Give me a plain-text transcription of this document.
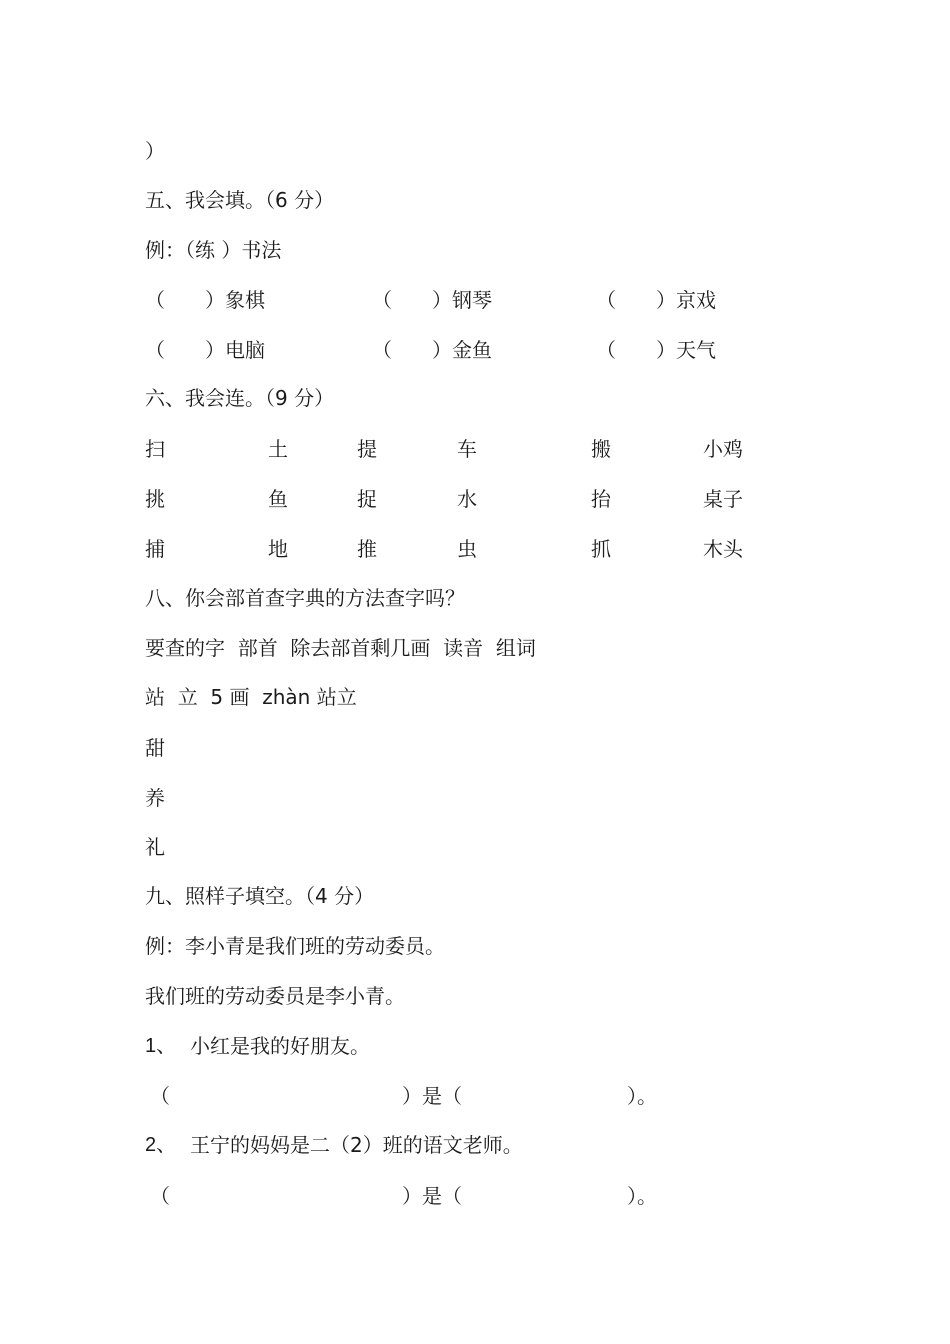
）
五、我会填。（6 分）
例：（练 ）书法
（　　）象棋	（　　）钢琴	（　　）京戏
（　　）电脑	（　　）金鱼	（　　）天气
六、我会连。（9 分）
扫	土	提	车	搬	小鸡
挑	鱼	捉	水	抬	桌子
捕	地	推	虫	抓	木头
八、你会部首查字典的方法查字吗？
要查的字  部首  除去部首剩几画  读音  组词
站  立  5 画  zhàn 站立
甜
养
礼
九、照样子填空。（4 分）
例：李小青是我们班的劳动委员。
我们班的劳动委员是李小青。
1、 小红是我的好朋友。
（	）是（	）。
2、 王宁的妈妈是二（2）班的语文老师。
（	）是（	）。
